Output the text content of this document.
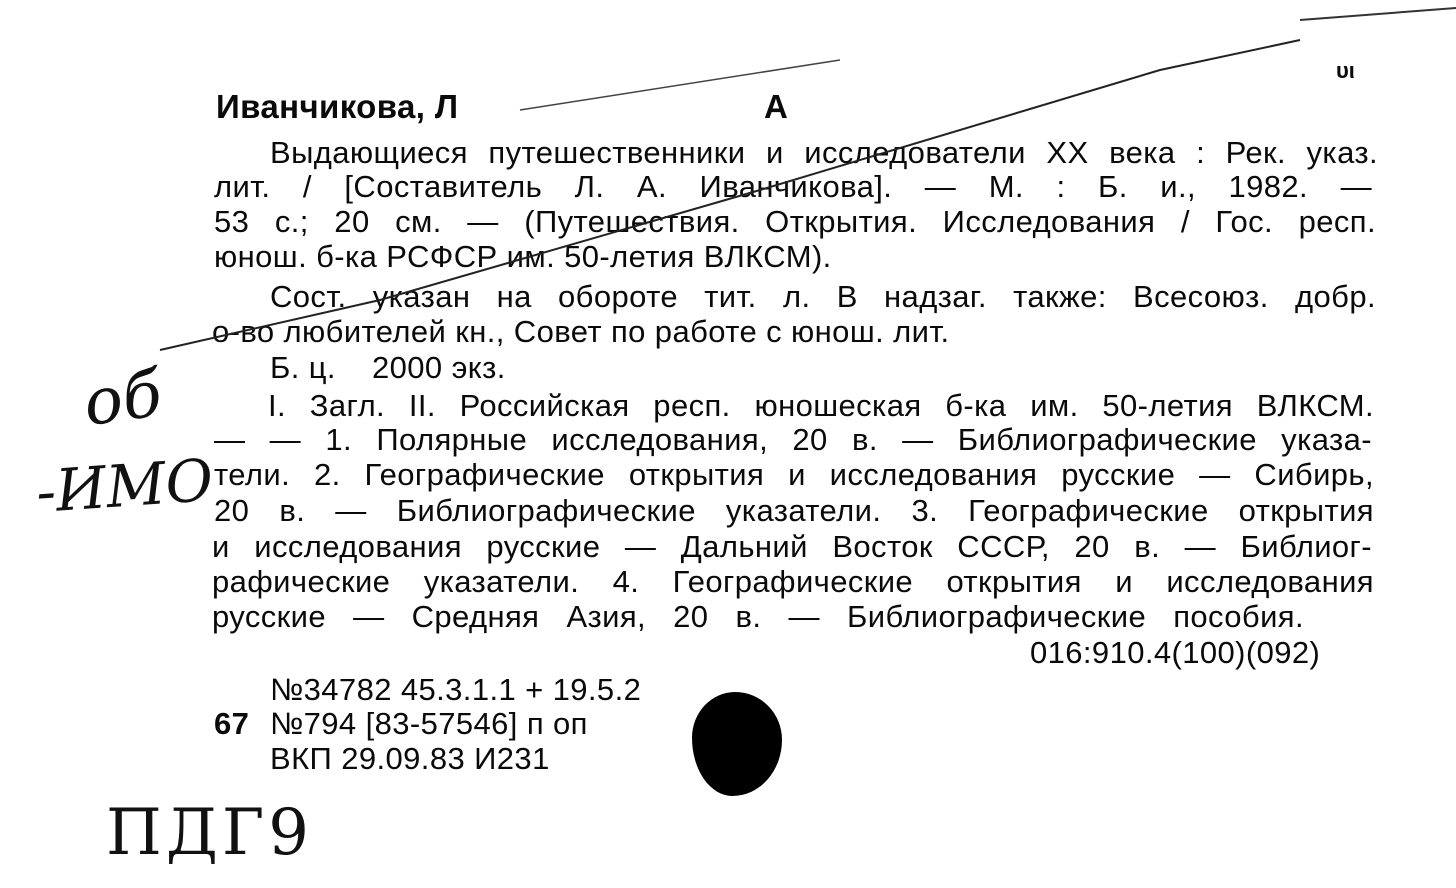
υι
Иванчикова, Л	А
Выдающиеся путешественники и исследователи XX века : Рек. указ.
лит. / [Составитель Л. А. Иванчикова]. — М. : Б. и., 1982. —
53 с.; 20 см. — (Путешествия. Открытия. Исследования / Гос. респ.
юнош. б-ка РСФСР им. 50-летия ВЛКСМ).
Сост. указан на обороте тит. л. В надзаг. также: Всесоюз. добр.
о-во любителей кн., Совет по работе с юнош. лит.
Б. ц.    2000 экз.
I. Загл. II. Российская респ. юношеская б-ка им. 50-летия ВЛКСМ.
— — 1. Полярные исследования, 20 в. — Библиографические указа-
тели. 2. Географические открытия и исследования русские — Сибирь,
20 в. — Библиографические указатели. 3. Географические открытия
и исследования русские — Дальний Восток СССР, 20 в. — Библиог-
рафические указатели. 4. Географические открытия и исследования
русские — Средняя Азия, 20 в. — Библиографические пособия.
016:910.4(100)(092)
№34782 45.3.1.1 + 19.5.2
67 №794 [83-57546] п оп
ВКП 29.09.83 И231
об
-ИМО
ПДГ9
